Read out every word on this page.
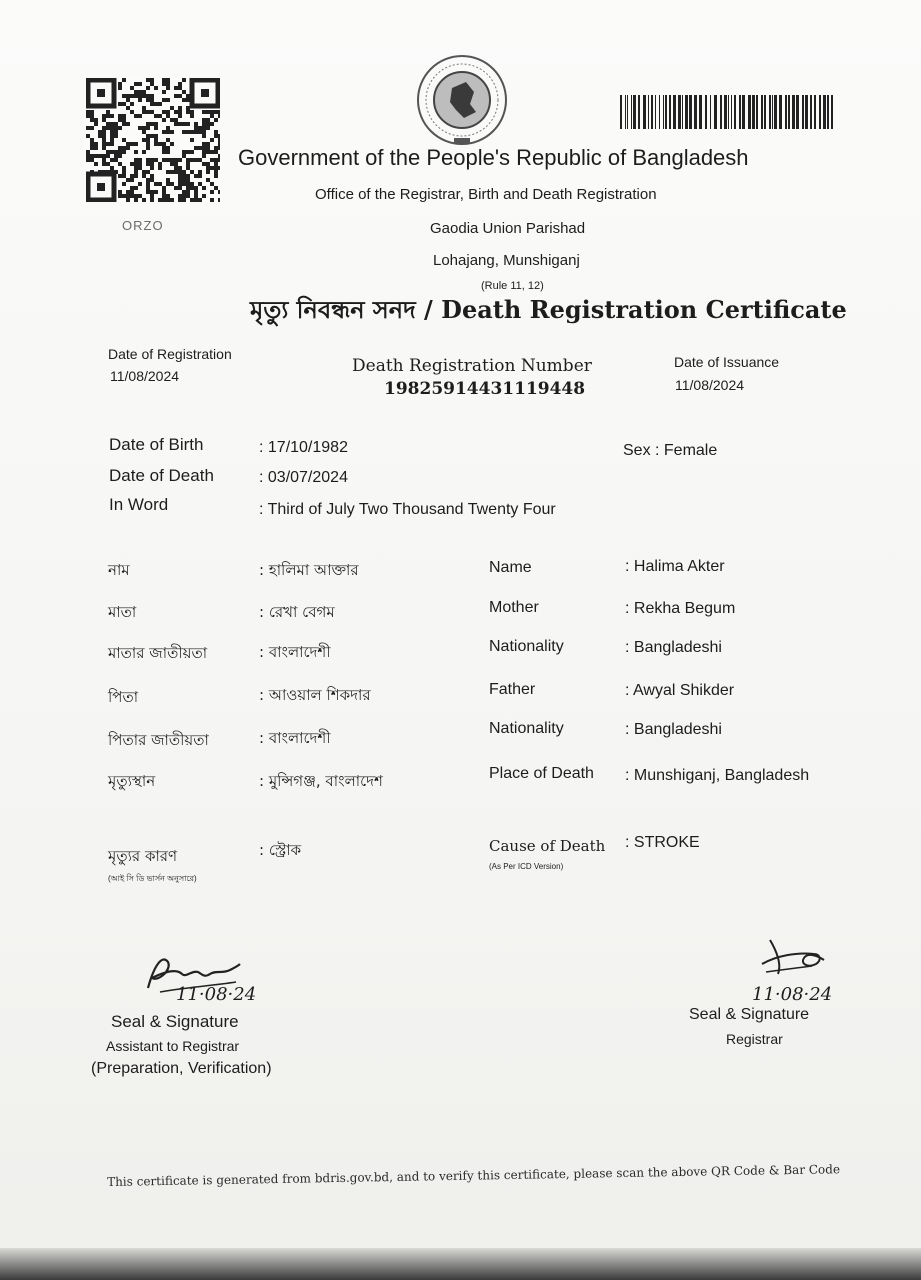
ORZO
Government of the People's Republic of Bangladesh
Office of the Registrar, Birth and Death Registration
Gaodia Union Parishad
Lohajang, Munshiganj
(Rule 11, 12)
মৃত্যু নিবন্ধন সনদ / Death Registration Certificate
Date of Registration
11/08/2024	Death Registration Number
19825914431119448
Date of Issuance
11/08/2024
Date of Birth	: 17/10/1982	Sex : Female
Date of Death	: 03/07/2024
In Word	: Third of July Two Thousand Twenty Four
নাম	: হালিমা আক্তার
মাতা	: রেখা বেগম
মাতার জাতীয়তা	: বাংলাদেশী
পিতা	: আওয়াল শিকদার
পিতার জাতীয়তা	: বাংলাদেশী
মৃত্যুস্থান	: মুন্সিগঞ্জ, বাংলাদেশ
মৃত্যুর কারণ
(আই সি ডি ভার্সন অনুসারে)
: স্ট্রোক
Name	: Halima Akter
Mother	: Rekha Begum
Nationality	: Bangladeshi
Father	: Awyal Shikder
Nationality	: Bangladeshi
Place of Death : Munshiganj, Bangladesh
Cause of Death
(As Per ICD Version)
: STROKE
11·08·24
Seal & Signature
Assistant to Registrar
(Preparation, Verification)
11·08·24
Seal & Signature
Registrar
This certificate is generated from bdris.gov.bd, and to verify this certificate, please scan the above QR Code & Bar Code
